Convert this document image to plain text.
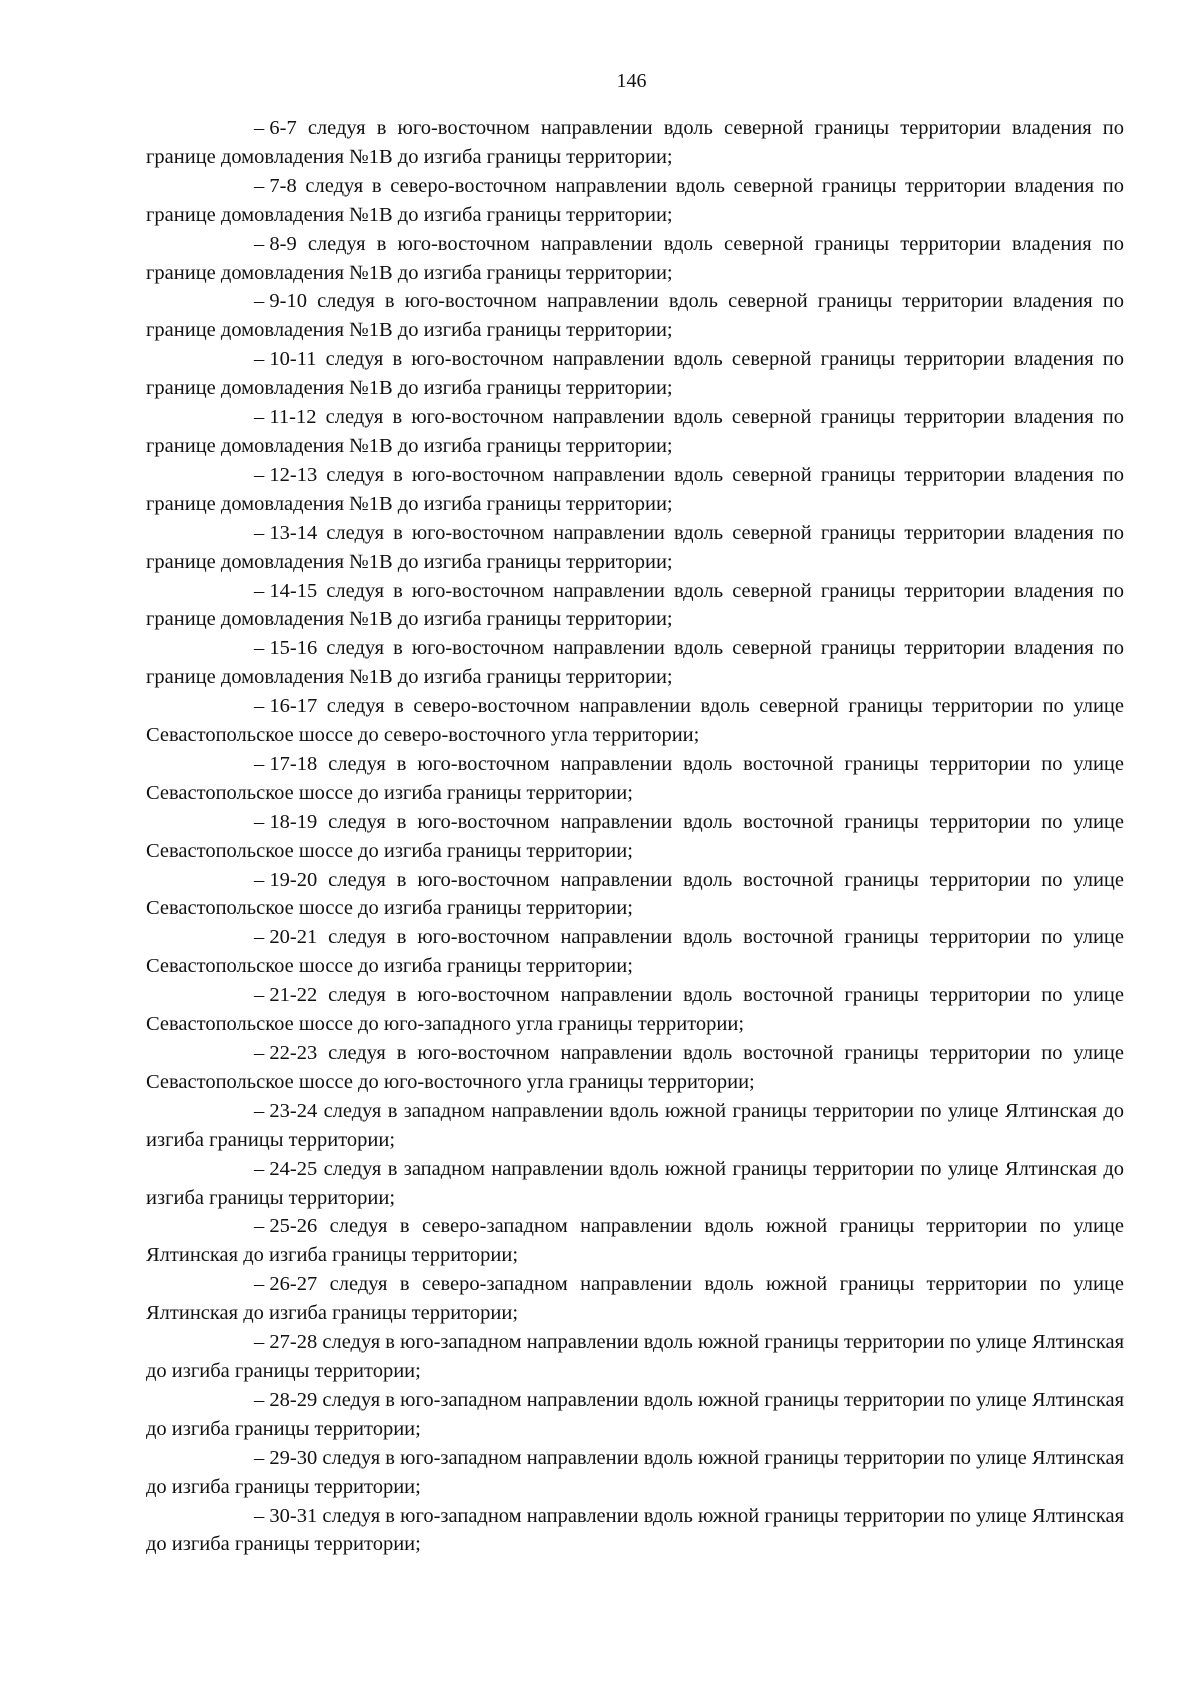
146

– 6-7 следуя в юго-восточном направлении вдоль северной границы территории владения по границе домовладения №1В до изгиба границы территории;

– 7-8 следуя в северо-восточном направлении вдоль северной границы территории владения по границе домовладения №1В до изгиба границы территории;

– 8-9 следуя в юго-восточном направлении вдоль северной границы территории владения по границе домовладения №1В до изгиба границы территории;

– 9-10 следуя в юго-восточном направлении вдоль северной границы территории владения по границе домовладения №1В до изгиба границы территории;

– 10-11 следуя в юго-восточном направлении вдоль северной границы территории владения по границе домовладения №1В до изгиба границы территории;

– 11-12 следуя в юго-восточном направлении вдоль северной границы территории владения по границе домовладения №1В до изгиба границы территории;

– 12-13 следуя в юго-восточном направлении вдоль северной границы территории владения по границе домовладения №1В до изгиба границы территории;

– 13-14 следуя в юго-восточном направлении вдоль северной границы территории владения по границе домовладения №1В до изгиба границы территории;

– 14-15 следуя в юго-восточном направлении вдоль северной границы территории владения по границе домовладения №1В до изгиба границы территории;

– 15-16 следуя в юго-восточном направлении вдоль северной границы территории владения по границе домовладения №1В до изгиба границы территории;

– 16-17 следуя в северо-восточном направлении вдоль северной границы территории по улице Севастопольское шоссе до северо-восточного угла территории;

– 17-18 следуя в юго-восточном направлении вдоль восточной границы территории по улице Севастопольское шоссе до изгиба границы территории;

– 18-19 следуя в юго-восточном направлении вдоль восточной границы территории по улице Севастопольское шоссе до изгиба границы территории;

– 19-20 следуя в юго-восточном направлении вдоль восточной границы территории по улице Севастопольское шоссе до изгиба границы территории;

– 20-21 следуя в юго-восточном направлении вдоль восточной границы территории по улице Севастопольское шоссе до изгиба границы территории;

– 21-22 следуя в юго-восточном направлении вдоль восточной границы территории по улице Севастопольское шоссе до юго-западного угла границы территории;

– 22-23 следуя в юго-восточном направлении вдоль восточной границы территории по улице Севастопольское шоссе до юго-восточного угла границы территории;

– 23-24 следуя в западном направлении вдоль южной границы территории по улице Ялтинская до изгиба границы территории;

– 24-25 следуя в западном направлении вдоль южной границы территории по улице Ялтинская до изгиба границы территории;

– 25-26 следуя в северо-западном направлении вдоль южной границы территории по улице Ялтинская до изгиба границы территории;

– 26-27 следуя в северо-западном направлении вдоль южной границы территории по улице Ялтинская до изгиба границы территории;

– 27-28 следуя в юго-западном направлении вдоль южной границы территории по улице Ялтинская до изгиба границы территории;

– 28-29 следуя в юго-западном направлении вдоль южной границы территории по улице Ялтинская до изгиба границы территории;

– 29-30 следуя в юго-западном направлении вдоль южной границы территории по улице Ялтинская до изгиба границы территории;

– 30-31 следуя в юго-западном направлении вдоль южной границы территории по улице Ялтинская до изгиба границы территории;
